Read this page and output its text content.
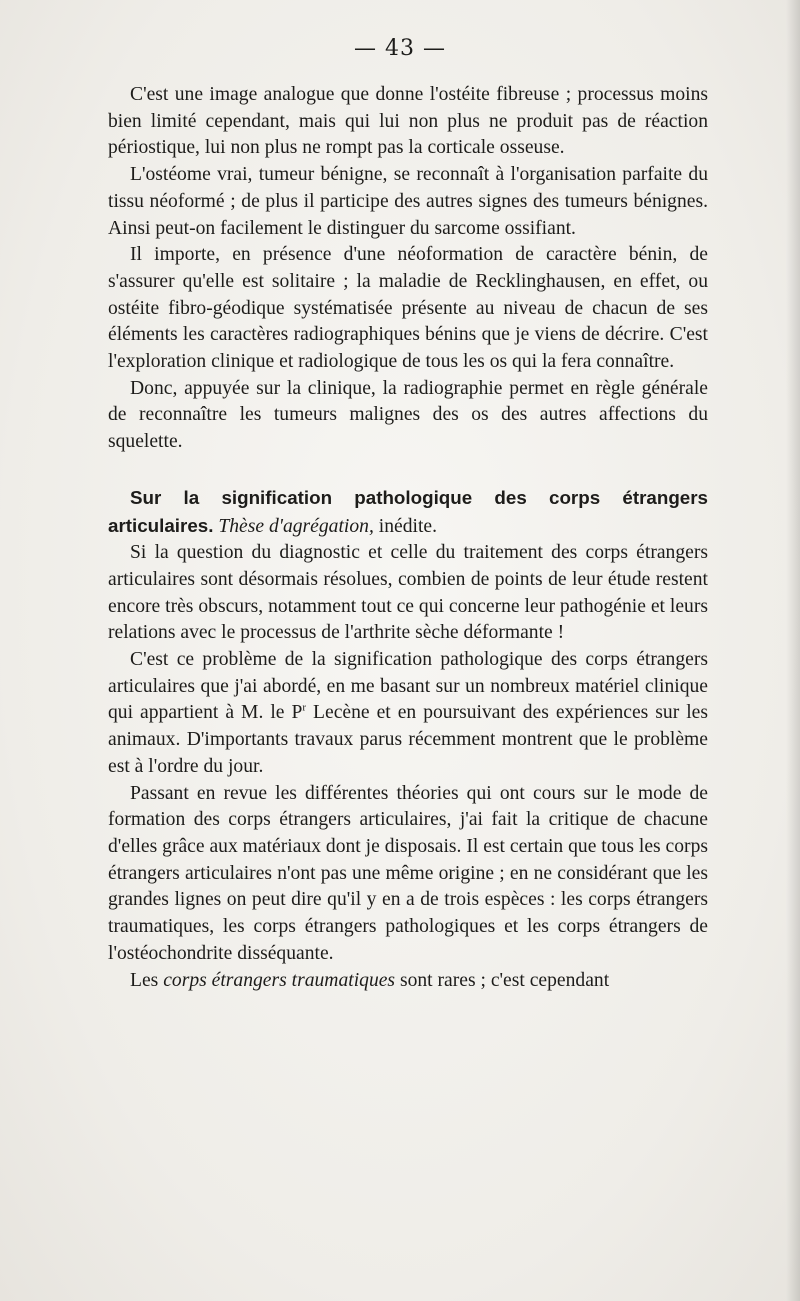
— 43 —

C'est une image analogue que donne l'ostéite fibreuse ; processus moins bien limité cependant, mais qui lui non plus ne produit pas de réaction périostique, lui non plus ne rompt pas la corticale osseuse.

L'ostéome vrai, tumeur bénigne, se reconnaît à l'organisation parfaite du tissu néoformé ; de plus il participe des autres signes des tumeurs bénignes. Ainsi peut-on facilement le distinguer du sarcome ossifiant.

Il importe, en présence d'une néoformation de caractère bénin, de s'assurer qu'elle est solitaire ; la maladie de Recklinghausen, en effet, ou ostéite fibro-géodique systématisée présente au niveau de chacun de ses éléments les caractères radiographiques bénins que je viens de décrire. C'est l'exploration clinique et radiologique de tous les os qui la fera connaître.

Donc, appuyée sur la clinique, la radiographie permet en règle générale de reconnaître les tumeurs malignes des os des autres affections du squelette.

Sur la signification pathologique des corps étrangers articulaires. Thèse d'agrégation, inédite.

Si la question du diagnostic et celle du traitement des corps étrangers articulaires sont désormais résolues, combien de points de leur étude restent encore très obscurs, notamment tout ce qui concerne leur pathogénie et leurs relations avec le processus de l'arthrite sèche déformante !

C'est ce problème de la signification pathologique des corps étrangers articulaires que j'ai abordé, en me basant sur un nombreux matériel clinique qui appartient à M. le $P^r$ Lecène et en poursuivant des expériences sur les animaux. D'importants travaux parus récemment montrent que le problème est à l'ordre du jour.

Passant en revue les différentes théories qui ont cours sur le mode de formation des corps étrangers articulaires, j'ai fait la critique de chacune d'elles grâce aux matériaux dont je disposais. Il est certain que tous les corps étrangers articulaires n'ont pas une même origine ; en ne considérant que les grandes lignes on peut dire qu'il y en a de trois espèces : les corps étrangers traumatiques, les corps étrangers pathologiques et les corps étrangers de l'ostéochondrite disséquante.

Les corps étrangers traumatiques sont rares ; c'est cependant
